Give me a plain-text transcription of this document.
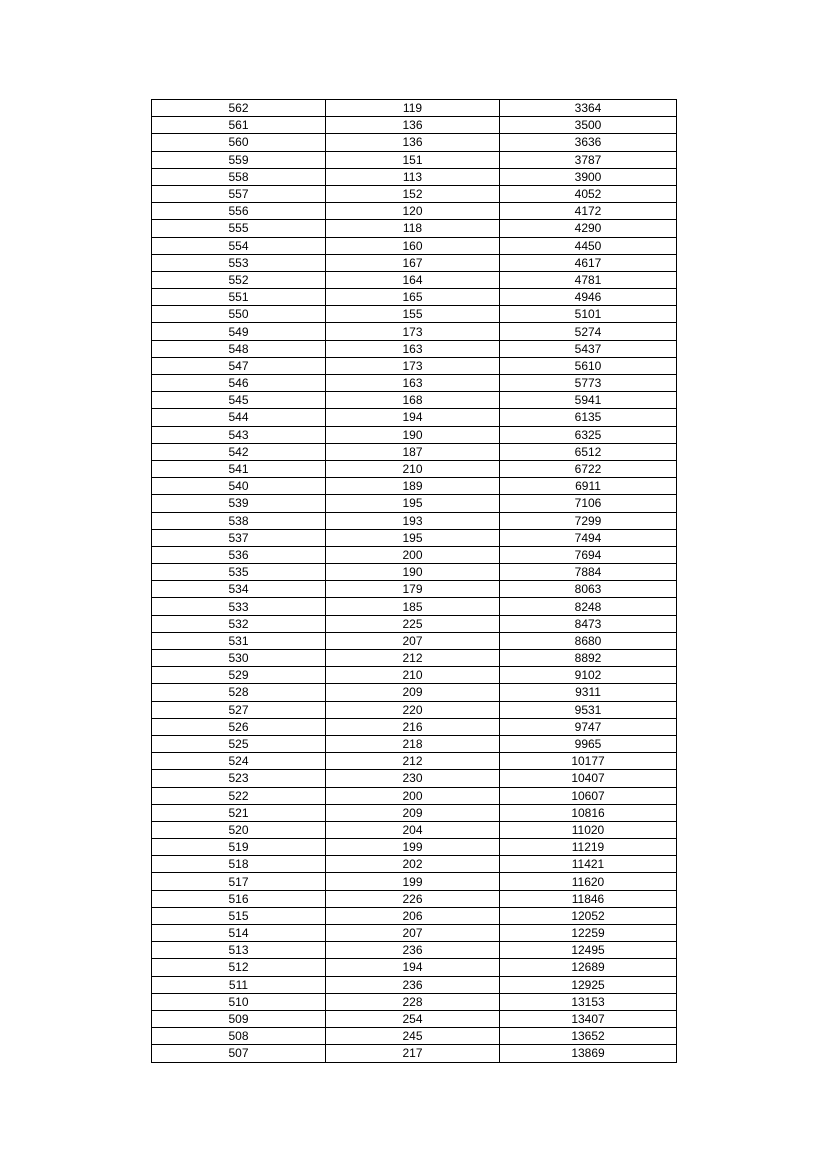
562	119	3364
561	136	3500
560	136	3636
559	151	3787
558	113	3900
557	152	4052
556	120	4172
555	118	4290
554	160	4450
553	167	4617
552	164	4781
551	165	4946
550	155	5101
549	173	5274
548	163	5437
547	173	5610
546	163	5773
545	168	5941
544	194	6135
543	190	6325
542	187	6512
541	210	6722
540	189	6911
539	195	7106
538	193	7299
537	195	7494
536	200	7694
535	190	7884
534	179	8063
533	185	8248
532	225	8473
531	207	8680
530	212	8892
529	210	9102
528	209	9311
527	220	9531
526	216	9747
525	218	9965
524	212	10177
523	230	10407
522	200	10607
521	209	10816
520	204	11020
519	199	11219
518	202	11421
517	199	11620
516	226	11846
515	206	12052
514	207	12259
513	236	12495
512	194	12689
511	236	12925
510	228	13153
509	254	13407
508	245	13652
507	217	13869
